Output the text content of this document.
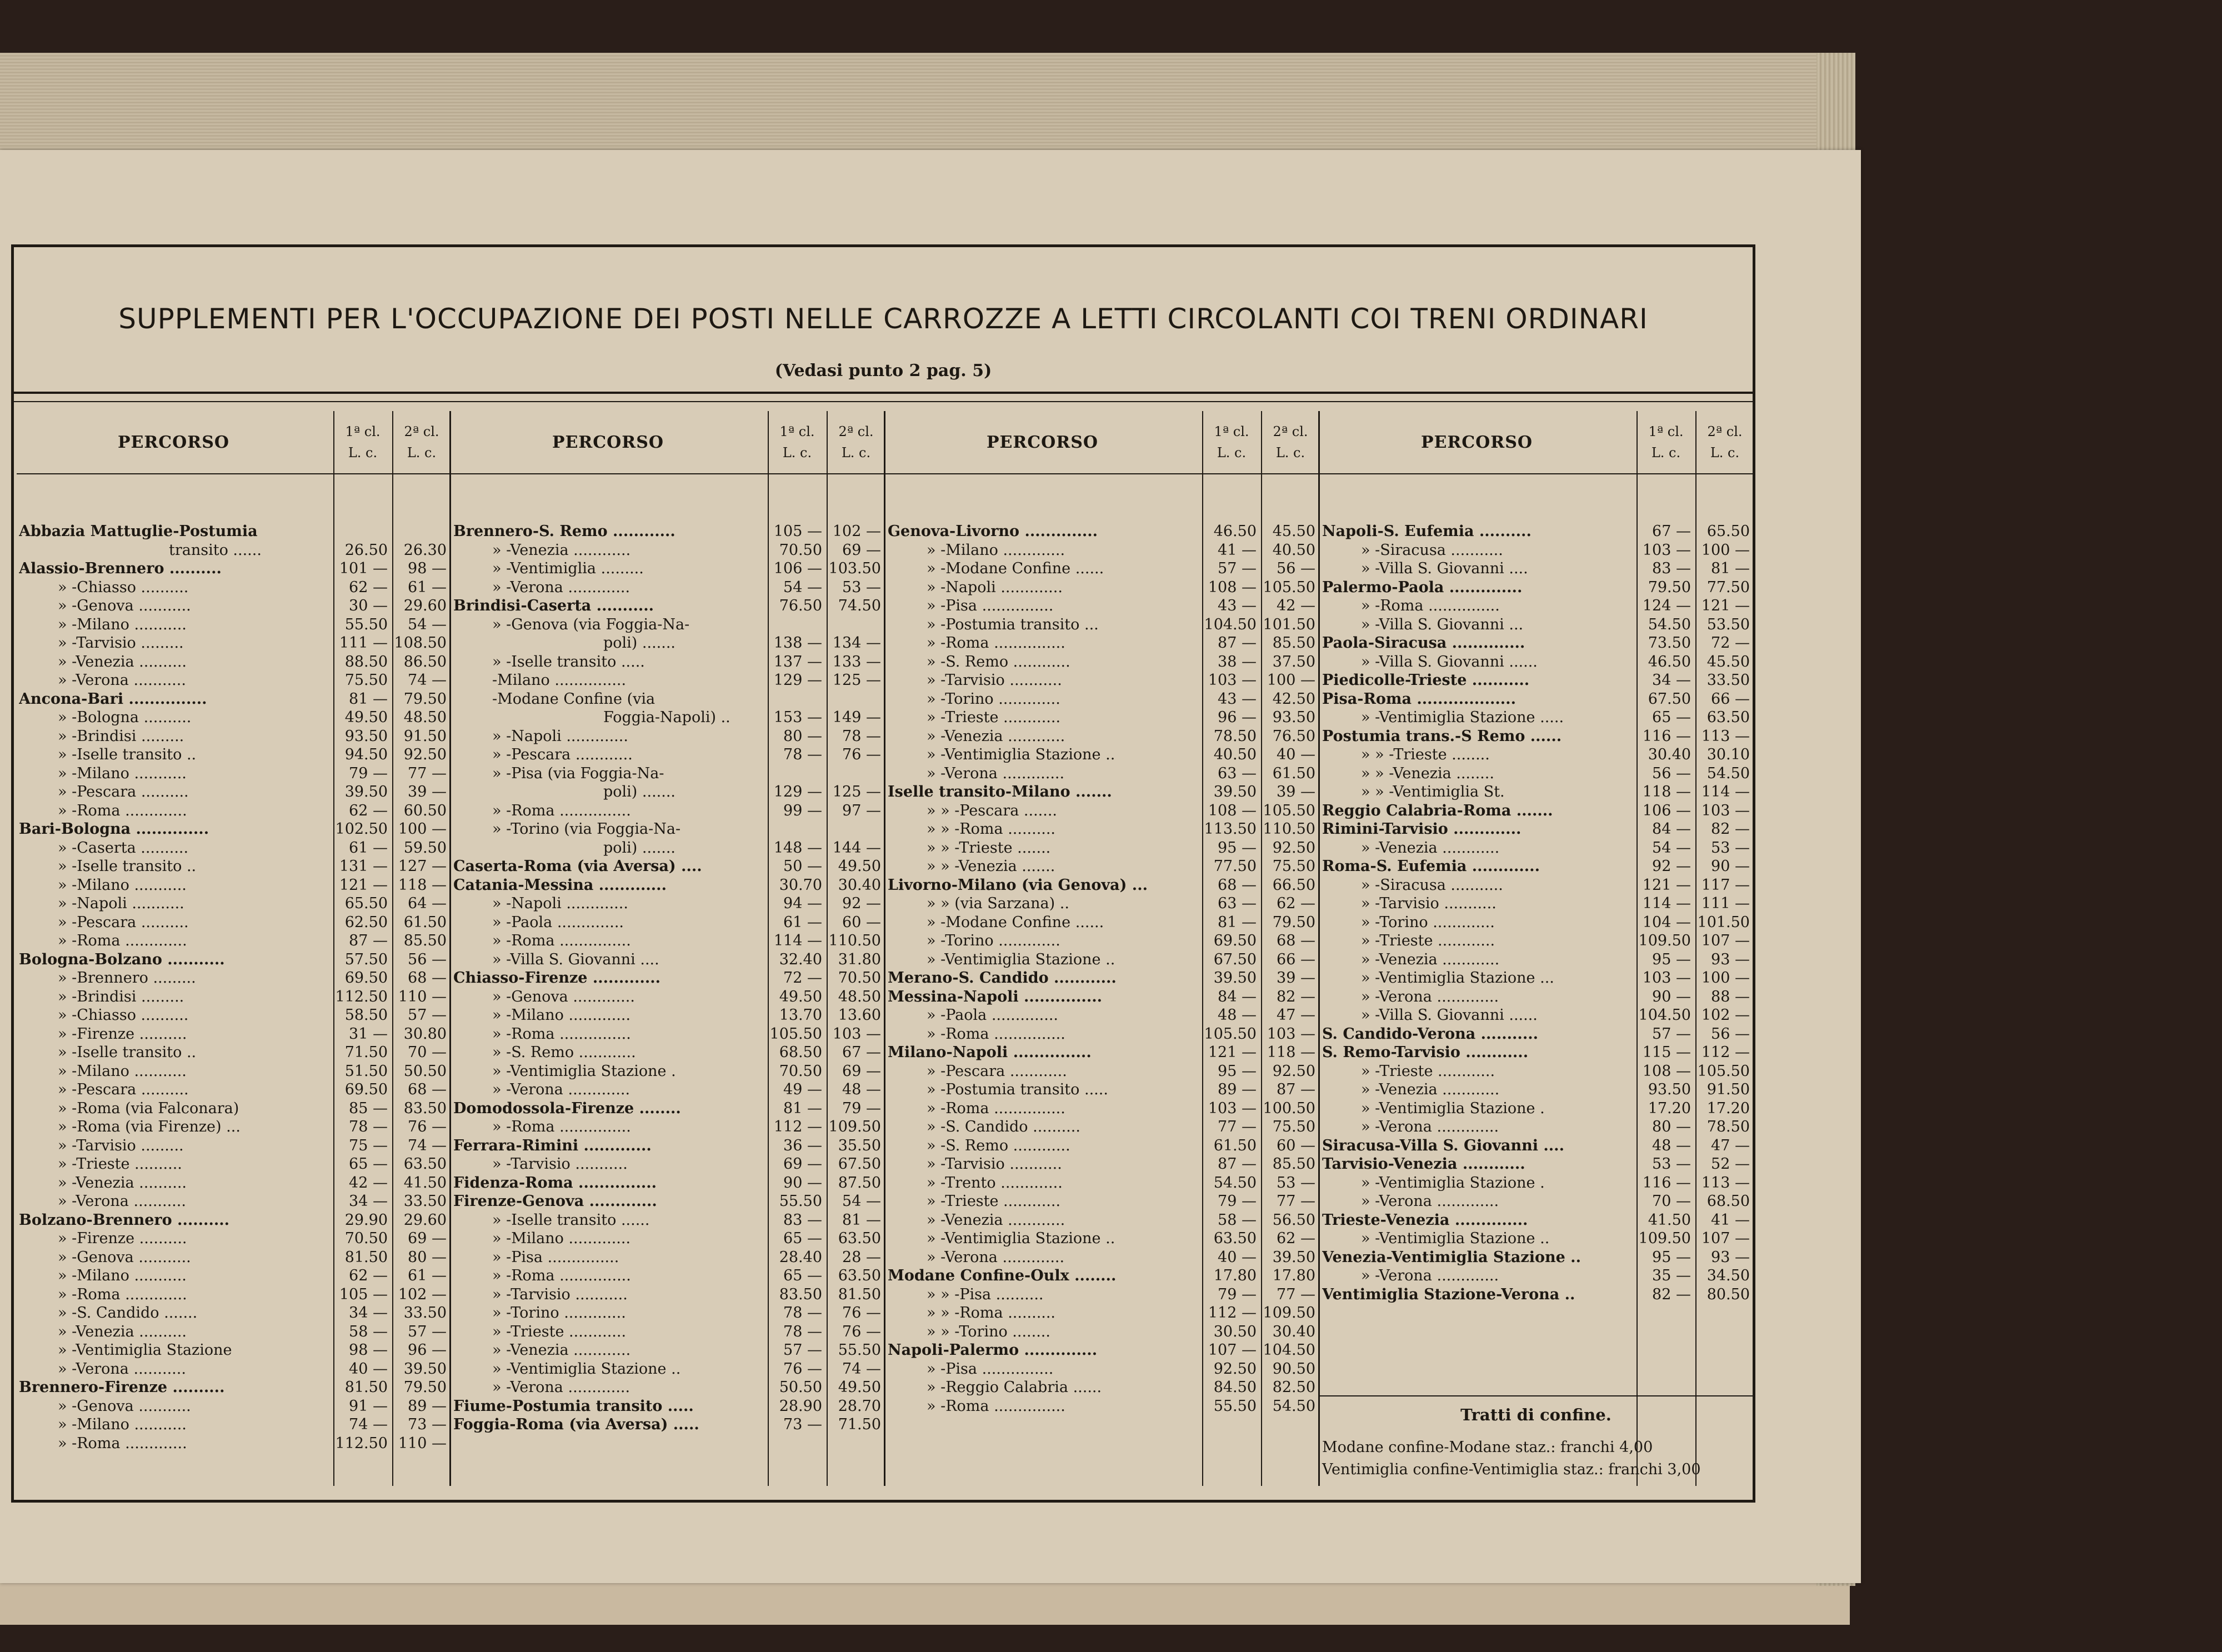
SUPPLEMENTI PER L'OCCUPAZIONE DEI POSTI NELLE CARROZZE A LETTI CIRCOLANTI COI TRENI ORDINARI
(Vedasi punto 2 pag. 5)
PERCORSO
1ª cl.
L. c.
2ª cl.
L. c.
Abbazia Mattuglie-Postumia
transito ......	26.50	26.30
Alassio-Brennero ..........	101 —	98 —
» -Chiasso ..........	62 —	61 —
» -Genova ...........	30 —	29.60
» -Milano ...........	55.50	54 —
» -Tarvisio .........	111 — 108.50
» -Venezia ..........	88.50	86.50
» -Verona ...........	75.50	74 —
Ancona-Bari ...............	81 —	79.50
» -Bologna ..........	49.50	48.50
» -Brindisi .........	93.50	91.50
» -Iselle transito ..	94.50	92.50
» -Milano ...........	79 —	77 —
» -Pescara ..........	39.50	39 —
» -Roma .............	62 —	60.50
Bari-Bologna ..............	102.50 100 —
» -Caserta ..........	61 —	59.50
» -Iselle transito ..	131 — 127 —
» -Milano ...........	121 — 118 —
» -Napoli ...........	65.50	64 —
» -Pescara ..........	62.50	61.50
» -Roma .............	87 —	85.50
Bologna-Bolzano ...........	57.50	56 —
» -Brennero .........	69.50	68 —
» -Brindisi .........	112.50 110 —
» -Chiasso ..........	58.50	57 —
» -Firenze ..........	31 —	30.80
» -Iselle transito ..	71.50	70 —
» -Milano ...........	51.50	50.50
» -Pescara ..........	69.50	68 —
» -Roma (via Falconara)	85 —	83.50
» -Roma (via Firenze) ...	78 —	76 —
» -Tarvisio .........	75 —	74 —
» -Trieste ..........	65 —	63.50
» -Venezia ..........	42 —	41.50
» -Verona ...........	34 —	33.50
Bolzano-Brennero ..........	29.90	29.60
» -Firenze ..........	70.50	69 —
» -Genova ...........	81.50	80 —
» -Milano ...........	62 —	61 —
» -Roma .............	105 — 102 —
» -S. Candido .......	34 —	33.50
» -Venezia ..........	58 —	57 —
» -Ventimiglia Stazione	98 —	96 —
» -Verona ...........	40 —	39.50
Brennero-Firenze ..........	81.50	79.50
» -Genova ...........	91 —	89 —
» -Milano ...........	74 —	73 —
» -Roma .............	112.50 110 —
PERCORSO
1ª cl.
L. c.
2ª cl.
L. c.
Brennero-S. Remo ............	105 — 102 —
» -Venezia ............	70.50	69 —
» -Ventimiglia .........	106 — 103.50
» -Verona .............	54 —	53 —
Brindisi-Caserta ...........	76.50	74.50
» -Genova (via Foggia-Na-
poli) .......	138 — 134 —
» -Iselle transito .....	137 — 133 —
-Milano ...............	129 — 125 —
-Modane Confine (via
Foggia-Napoli) ..	153 — 149 —
» -Napoli .............	80 —	78 —
» -Pescara ............	78 —	76 —
» -Pisa (via Foggia-Na-
poli) .......	129 — 125 —
» -Roma ...............	99 —	97 —
» -Torino (via Foggia-Na-
poli) .......	148 — 144 —
Caserta-Roma (via Aversa) ....	50 —	49.50
Catania-Messina .............	30.70	30.40
» -Napoli .............	94 —	92 —
» -Paola ..............	61 —	60 —
» -Roma ...............	114 — 110.50
» -Villa S. Giovanni ....	32.40	31.80
Chiasso-Firenze .............	72 —	70.50
» -Genova .............	49.50	48.50
» -Milano .............	13.70	13.60
» -Roma ...............	105.50 103 —
» -S. Remo ............	68.50	67 —
» -Ventimiglia Stazione .	70.50	69 —
» -Verona .............	49 —	48 —
Domodossola-Firenze ........	81 —	79 —
» -Roma ...............	112 — 109.50
Ferrara-Rimini .............	36 —	35.50
» -Tarvisio ...........	69 —	67.50
Fidenza-Roma ...............	90 —	87.50
Firenze-Genova .............	55.50	54 —
» -Iselle transito ......	83 —	81 —
» -Milano .............	65 —	63.50
» -Pisa ...............	28.40	28 —
» -Roma ...............	65 —	63.50
» -Tarvisio ...........	83.50	81.50
» -Torino .............	78 —	76 —
» -Trieste ............	78 —	76 —
» -Venezia ............	57 —	55.50
» -Ventimiglia Stazione ..	76 —	74 —
» -Verona .............	50.50	49.50
Fiume-Postumia transito .....	28.90	28.70
Foggia-Roma (via Aversa) .....	73 —	71.50
PERCORSO
1ª cl.
L. c.
2ª cl.
L. c.
Genova-Livorno ..............	46.50	45.50
» -Milano .............	41 —	40.50
» -Modane Confine ......	57 —	56 —
» -Napoli .............	108 — 105.50
» -Pisa ...............	43 —	42 —
» -Postumia transito ...	104.50 101.50
» -Roma ...............	87 —	85.50
» -S. Remo ............	38 —	37.50
» -Tarvisio ...........	103 — 100 —
» -Torino .............	43 —	42.50
» -Trieste ............	96 —	93.50
» -Venezia ............	78.50	76.50
» -Ventimiglia Stazione ..	40.50	40 —
» -Verona .............	63 —	61.50
Iselle transito-Milano .......	39.50	39 —
» » -Pescara .......	108 — 105.50
» » -Roma ..........	113.50 110.50
» » -Trieste .......	95 —	92.50
» » -Venezia .......	77.50	75.50
Livorno-Milano (via Genova) ...	68 —	66.50
» » (via Sarzana) ..	63 —	62 —
» -Modane Confine ......	81 —	79.50
» -Torino .............	69.50	68 —
» -Ventimiglia Stazione ..	67.50	66 —
Merano-S. Candido ............	39.50	39 —
Messina-Napoli ...............	84 —	82 —
» -Paola ..............	48 —	47 —
» -Roma ...............	105.50 103 —
Milano-Napoli ...............	121 — 118 —
» -Pescara ............	95 —	92.50
» -Postumia transito .....	89 —	87 —
» -Roma ...............	103 — 100.50
» -S. Candido ..........	77 —	75.50
» -S. Remo ............	61.50	60 —
» -Tarvisio ...........	87 —	85.50
» -Trento .............	54.50	53 —
» -Trieste ............	79 —	77 —
» -Venezia ............	58 —	56.50
» -Ventimiglia Stazione ..	63.50	62 —
» -Verona .............	40 —	39.50
Modane Confine-Oulx ........	17.80	17.80
» » -Pisa ..........	79 —	77 —
» » -Roma ..........	112 — 109.50
» » -Torino ........	30.50	30.40
Napoli-Palermo ..............	107 — 104.50
» -Pisa ...............	92.50	90.50
» -Reggio Calabria ......	84.50	82.50
» -Roma ...............	55.50	54.50
PERCORSO
1ª cl.
L. c.
2ª cl.
L. c.
Napoli-S. Eufemia ..........	67 —	65.50
» -Siracusa ...........	103 — 100 —
» -Villa S. Giovanni ....	83 —	81 —
Palermo-Paola ..............	79.50	77.50
» -Roma ...............	124 — 121 —
» -Villa S. Giovanni ...	54.50	53.50
Paola-Siracusa ..............	73.50	72 —
» -Villa S. Giovanni ......	46.50	45.50
Piedicolle-Trieste ...........	34 —	33.50
Pisa-Roma ...................	67.50	66 —
» -Ventimiglia Stazione .....	65 —	63.50
Postumia trans.-S Remo ......	116 — 113 —
» » -Trieste ........	30.40	30.10
» » -Venezia ........	56 —	54.50
» » -Ventimiglia St.	118 — 114 —
Reggio Calabria-Roma .......	106 — 103 —
Rimini-Tarvisio .............	84 —	82 —
» -Venezia ............	54 —	53 —
Roma-S. Eufemia .............	92 —	90 —
» -Siracusa ...........	121 — 117 —
» -Tarvisio ...........	114 — 111 —
» -Torino .............	104 — 101.50
» -Trieste ............	109.50 107 —
» -Venezia ............	95 —	93 —
» -Ventimiglia Stazione ...	103 — 100 —
» -Verona .............	90 —	88 —
» -Villa S. Giovanni ......	104.50 102 —
S. Candido-Verona ...........	57 —	56 —
S. Remo-Tarvisio ............	115 — 112 —
» -Trieste ............	108 — 105.50
» -Venezia ............	93.50	91.50
» -Ventimiglia Stazione .	17.20	17.20
» -Verona .............	80 —	78.50
Siracusa-Villa S. Giovanni ....	48 —	47 —
Tarvisio-Venezia ............	53 —	52 —
» -Ventimiglia Stazione .	116 — 113 —
» -Verona .............	70 —	68.50
Trieste-Venezia ..............	41.50	41 —
» -Ventimiglia Stazione ..	109.50 107 —
Venezia-Ventimiglia Stazione ..	95 —	93 —
» -Verona .............	35 —	34.50
Ventimiglia Stazione-Verona ..	82 —	80.50
Tratti di confine.
Modane confine-Modane staz.: franchi 4,00
Ventimiglia confine-Ventimiglia staz.: franchi 3,00
